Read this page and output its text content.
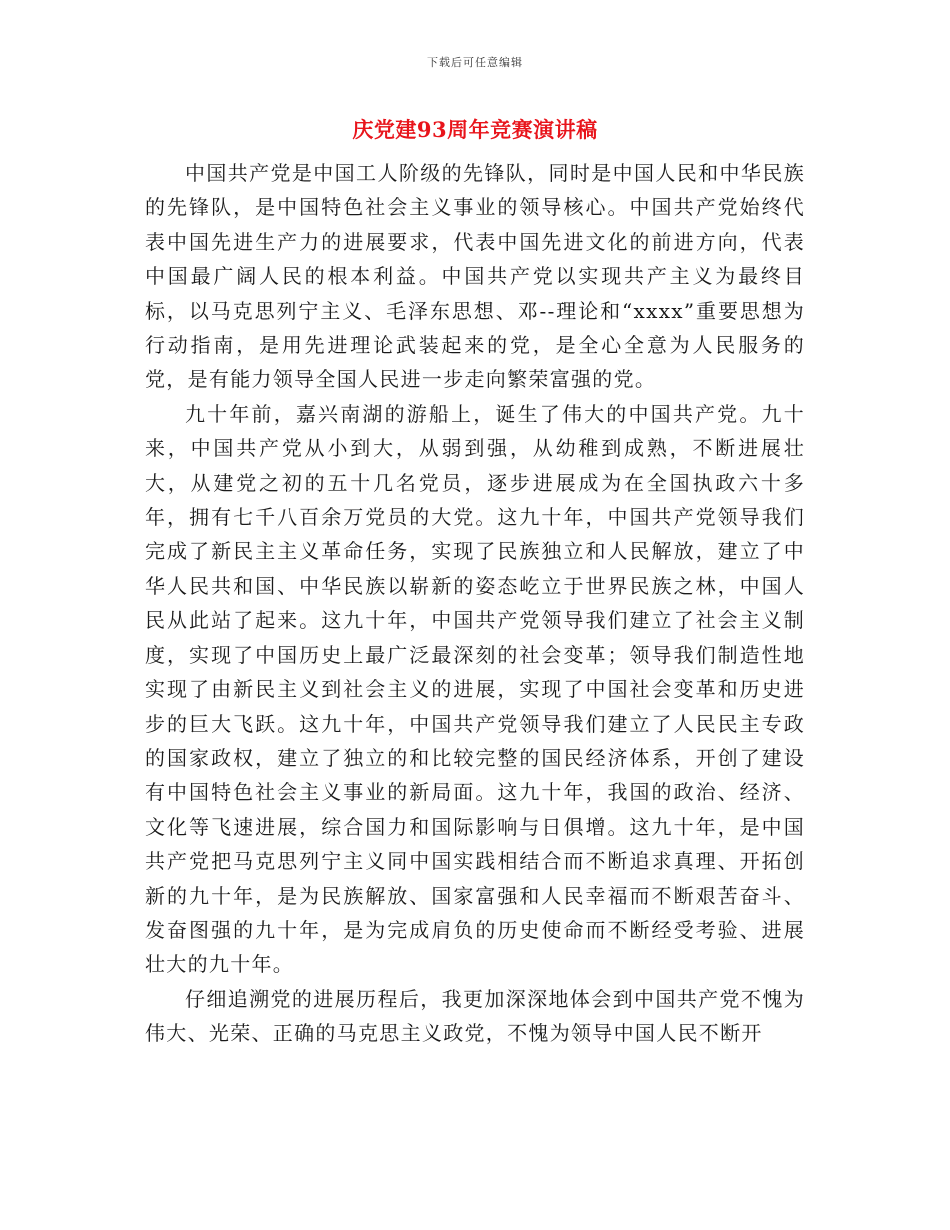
下载后可任意编辑
庆党建93周年竞赛演讲稿

中国共产党是中国工人阶级的先锋队，同时是中国人民和中华民族的先锋队，是中国特色社会主义事业的领导核心。中国共产党始终代表中国先进生产力的进展要求，代表中国先进文化的前进方向，代表中国最广阔人民的根本利益。中国共产党以实现共产主义为最终目标，以马克思列宁主义、毛泽东思想、邓--理论和“xxxx”重要思想为行动指南，是用先进理论武装起来的党，是全心全意为人民服务的党，是有能力领导全国人民进一步走向繁荣富强的党。

九十年前，嘉兴南湖的游船上，诞生了伟大的中国共产党。九十来，中国共产党从小到大，从弱到强，从幼稚到成熟，不断进展壮大，从建党之初的五十几名党员，逐步进展成为在全国执政六十多年，拥有七千八百余万党员的大党。这九十年，中国共产党领导我们完成了新民主主义革命任务，实现了民族独立和人民解放，建立了中华人民共和国、中华民族以崭新的姿态屹立于世界民族之林，中国人民从此站了起来。这九十年，中国共产党领导我们建立了社会主义制度，实现了中国历史上最广泛最深刻的社会变革；领导我们制造性地实现了由新民主义到社会主义的进展，实现了中国社会变革和历史进步的巨大飞跃。这九十年，中国共产党领导我们建立了人民民主专政的国家政权，建立了独立的和比较完整的国民经济体系，开创了建设有中国特色社会主义事业的新局面。这九十年，我国的政治、经济、文化等飞速进展，综合国力和国际影响与日俱增。这九十年，是中国共产党把马克思列宁主义同中国实践相结合而不断追求真理、开拓创新的九十年，是为民族解放、国家富强和人民幸福而不断艰苦奋斗、发奋图强的九十年，是为完成肩负的历史使命而不断经受考验、进展壮大的九十年。

仔细追溯党的进展历程后，我更加深深地体会到中国共产党不愧为伟大、光荣、正确的马克思主义政党，不愧为领导中国人民不断开
